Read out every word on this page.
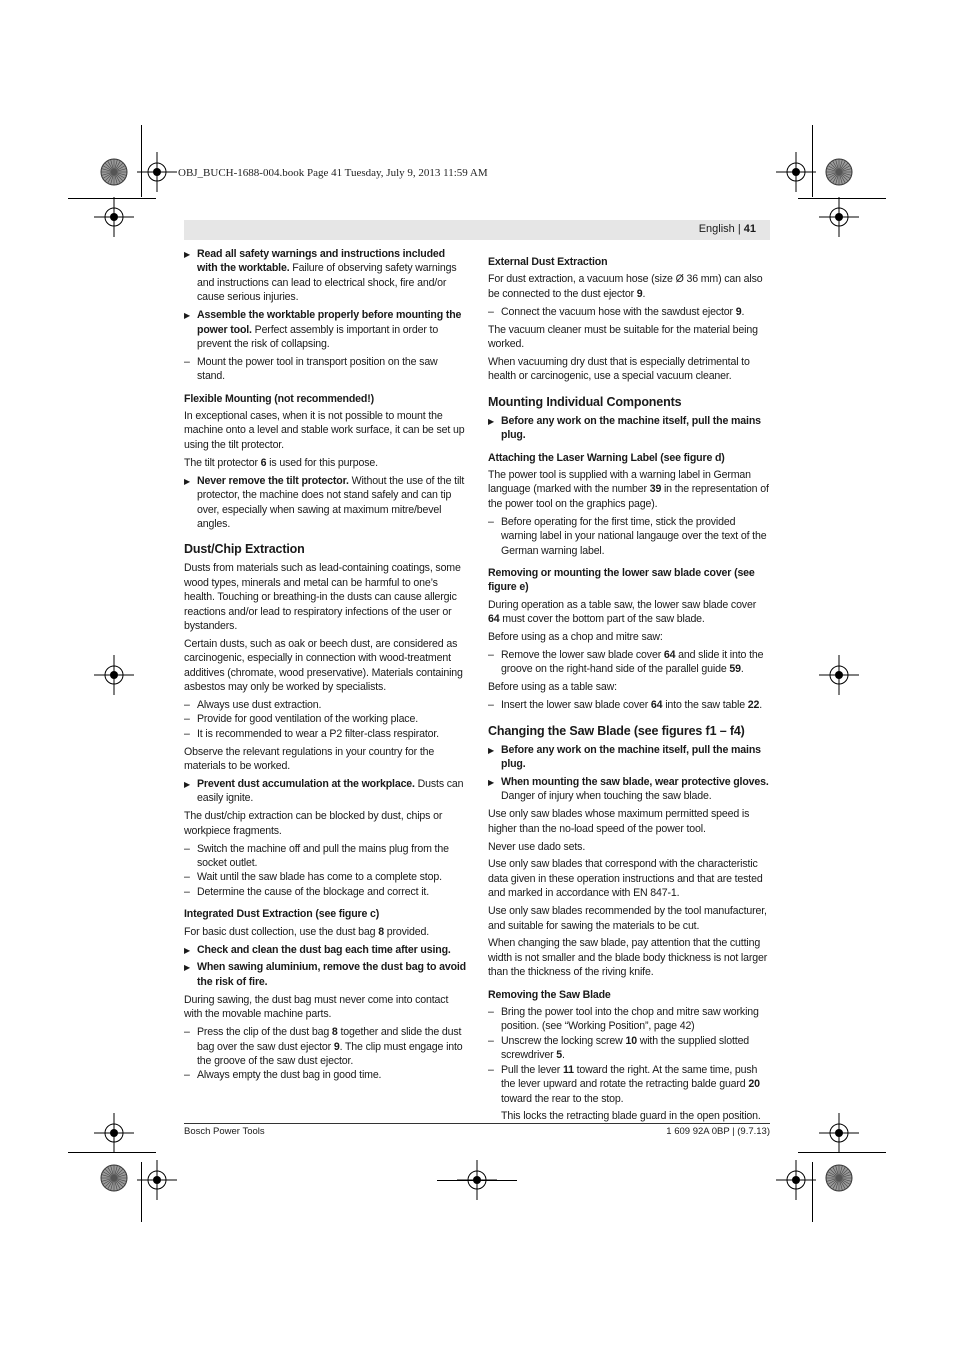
OBJ_BUCH-1688-004.book Page 41 Tuesday, July 9, 2013 11:59 AM
English | 41
▶ Read all safety warnings and instructions included with the worktable. Failure of observing safety warnings and instructions can lead to electrical shock, fire and/or cause serious injuries.
▶ Assemble the worktable properly before mounting the power tool. Perfect assembly is important in order to prevent the risk of collapsing.
– Mount the power tool in transport position on the saw stand.
Flexible Mounting (not recommended!)
In exceptional cases, when it is not possible to mount the machine onto a level and stable work surface, it can be set up using the tilt protector.
The tilt protector 6 is used for this purpose.
▶ Never remove the tilt protector. Without the use of the tilt protector, the machine does not stand safely and can tip over, especially when sawing at maximum mitre/bevel angles.
Dust/Chip Extraction
Dusts from materials such as lead-containing coatings, some wood types, minerals and metal can be harmful to one’s health. Touching or breathing-in the dusts can cause allergic reactions and/or lead to respiratory infections of the user or bystanders.
Certain dusts, such as oak or beech dust, are considered as carcinogenic, especially in connection with wood-treatment additives (chromate, wood preservative). Materials containing asbestos may only be worked by specialists.
– Always use dust extraction.
– Provide for good ventilation of the working place.
– It is recommended to wear a P2 filter-class respirator.
Observe the relevant regulations in your country for the materials to be worked.
▶ Prevent dust accumulation at the workplace. Dusts can easily ignite.
The dust/chip extraction can be blocked by dust, chips or workpiece fragments.
– Switch the machine off and pull the mains plug from the socket outlet.
– Wait until the saw blade has come to a complete stop.
– Determine the cause of the blockage and correct it.
Integrated Dust Extraction (see figure c)
For basic dust collection, use the dust bag 8 provided.
▶ Check and clean the dust bag each time after using.
▶ When sawing aluminium, remove the dust bag to avoid the risk of fire.
During sawing, the dust bag must never come into contact with the movable machine parts.
– Press the clip of the dust bag 8 together and slide the dust bag over the saw dust ejector 9. The clip must engage into the groove of the saw dust ejector.
– Always empty the dust bag in good time.
External Dust Extraction
For dust extraction, a vacuum hose (size Ø 36 mm) can also be connected to the dust ejector 9.
– Connect the vacuum hose with the sawdust ejector 9.
The vacuum cleaner must be suitable for the material being worked.
When vacuuming dry dust that is especially detrimental to health or carcinogenic, use a special vacuum cleaner.
Mounting Individual Components
▶ Before any work on the machine itself, pull the mains plug.
Attaching the Laser Warning Label (see figure d)
The power tool is supplied with a warning label in German language (marked with the number 39 in the representation of the power tool on the graphics page).
– Before operating for the first time, stick the provided warning label in your national langauge over the text of the German warning label.
Removing or mounting the lower saw blade cover (see figure e)
During operation as a table saw, the lower saw blade cover 64 must cover the bottom part of the saw blade.
Before using as a chop and mitre saw:
– Remove the lower saw blade cover 64 and slide it into the groove on the right-hand side of the parallel guide 59.
Before using as a table saw:
– Insert the lower saw blade cover 64 into the saw table 22.
Changing the Saw Blade (see figures f1 – f4)
▶ Before any work on the machine itself, pull the mains plug.
▶ When mounting the saw blade, wear protective gloves. Danger of injury when touching the saw blade.
Use only saw blades whose maximum permitted speed is higher than the no-load speed of the power tool.
Never use dado sets.
Use only saw blades that correspond with the characteristic data given in these operation instructions and that are tested and marked in accordance with EN 847-1.
Use only saw blades recommended by the tool manufacturer, and suitable for sawing the materials to be cut.
When changing the saw blade, pay attention that the cutting width is not smaller and the blade body thickness is not larger than the thickness of the riving knife.
Removing the Saw Blade
– Bring the power tool into the chop and mitre saw working position. (see “Working Position”, page 42)
– Unscrew the locking screw 10 with the supplied slotted screwdriver 5.
– Pull the lever 11 toward the right. At the same time, push the lever upward and rotate the retracting balde guard 20 toward the rear to the stop.
This locks the retracting blade guard in the open position.
Bosch Power Tools	1 609 92A 0BP | (9.7.13)
